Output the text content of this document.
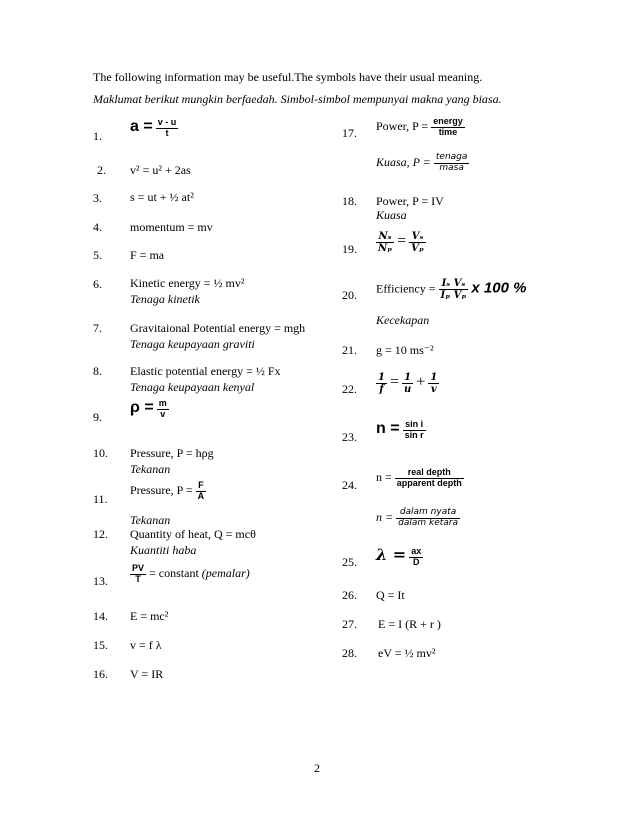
The following information may be useful.The symbols have their usual meaning.
Maklumat berikut mungkin berfaedah. Simbol-simbol mempunyai makna yang biasa.
1.
2.
3.
4.
5.
6.
7.
8.
9.
10.
11.
12.
13.
14.
15.
16.
$a = \frac{v - u}{t}$
v² = u² + 2as
s = ut + ½ at²
momentum = mv
F = ma
Kinetic energy = ½ mv²
Tenaga kinetik
Gravitaional Potential energy = mgh
Tenaga keupayaan graviti
Elastic potential energy = ½ Fx
Tenaga keupayaan kenyal
$\rho = \frac{m}{v}$
Pressure, P = hρg
Tekanan
Pressure, $P = \frac{F}{A}$
Tekanan
Quantity of heat, Q = mcθ
Kuantiti haba
$\frac{PV}{T}$ = constant (pemalar)
E = mc²
v = f λ
V = IR
17.
18.
19.
20.
21.
22.
23.
24.
25.
26.
27.
28.
Power, $P = \frac{\text{energy}}{\text{time}}$
Kuasa, $P = \frac{\text{tenaga}}{\text{masa}}$
Power, P = IV
Kuasa
$\frac{\text{Nₛ}}{\text{Nₚ}} = \frac{\text{Vₛ}}{\text{Vₚ}}$
Efficiency = $\frac{\text{Iₛ Vₛ}}{\text{Iₚ Vₚ}}$ x 100 %
Kecekapan
g = 10 ms⁻²
$\frac{1}{f} = \frac{1}{u} + \frac{1}{v}$
$n = \frac{\text{sin i}}{\text{sin r}}$
$n = \frac{\text{real depth}}{\text{apparent depth}}$
$n = \frac{\text{dalam nyata}}{\text{dalam ketara}}$
$\lambda = \frac{ax}{D}$
Q = It
E = I (R + r )
eV = ½ mv²
2
